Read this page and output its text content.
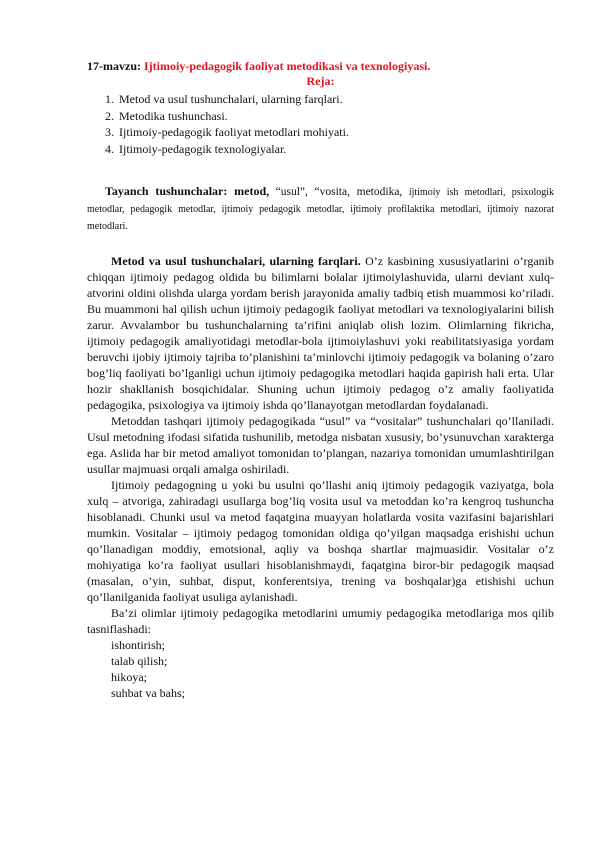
17-mavzu: Ijtimoiy-pedagogik faoliyat metodikasi va texnologiyasi.

Reja:

1. Metod va usul tushunchalari, ularning farqlari.
2. Metodika tushunchasi.
3. Ijtimoiy-pedagogik faoliyat metodlari mohiyati.
4. Ijtimoiy-pedagogik texnologiyalar.

Tayanch tushunchalar: metod, “usul”, “vosita, metodika, ijtimoiy ish metodlari, psixologik metodlar, pedagogik metodlar, ijtimoiy pedagogik metodlar, ijtimoiy profilaktika metodlari, ijtimoiy nazorat metodlari.

Metod va usul tushunchalari, ularning farqlari. O’z kasbining xususiyatlarini o’rganib chiqqan ijtimoiy pedagog oldida bu bilimlarni bolalar ijtimoiylashuvida, ularni deviant xulq-atvorini oldini olishda ularga yordam berish jarayonida amaliy tadbiq etish muammosi ko’riladi. Bu muammoni hal qilish uchun ijtimoiy pedagogik faoliyat metodlari va texnologiyalarini bilish zarur. Avvalambor bu tushunchalarning ta’rifini aniqlab olish lozim. Olimlarning fikricha, ijtimoiy pedagogik amaliyotidagi metodlar-bola ijtimoiylashuvi yoki reabilitatsiyasiga yordam beruvchi ijobiy ijtimoiy tajriba to’planishini ta’minlovchi ijtimoiy pedagogik va bolaning o’zaro bog’liq faoliyati bo’lganligi uchun ijtimoiy pedagogika metodlari haqida gapirish hali erta. Ular hozir shakllanish bosqichidalar. Shuning uchun ijtimoiy pedagog o’z amaliy faoliyatida pedagogika, psixologiya va ijtimoiy ishda qo’llanayotgan metodlardan foydalanadi.

Metoddan tashqari ijtimoiy pedagogikada “usul” va “vositalar” tushunchalari qo’llaniladi. Usul metodning ifodasi sifatida tushunilib, metodga nisbatan xususiy, bo’ysunuvchan xarakterga ega. Aslida har bir metod amaliyot tomonidan to’plangan, nazariya tomonidan umumlashtirilgan usullar majmuasi orqali amalga oshiriladi.

Ijtimoiy pedagogning u yoki bu usulni qo’llashi aniq ijtimoiy pedagogik vaziyatga, bola xulq – atvoriga, zahiradagi usullarga bog’liq vosita usul va metoddan ko’ra kengroq tushuncha hisoblanadi. Chunki usul va metod faqatgina muayyan holatlarda vosita vazifasini bajarishlari mumkin. Vositalar – ijtimoiy pedagog tomonidan oldiga qo’yilgan maqsadga erishishi uchun qo’llanadigan moddiy, emotsional, aqliy va boshqa shartlar majmuasidir. Vositalar o’z mohiyatiga ko’ra faoliyat usullari hisoblanishmaydi, faqatgina biror-bir pedagogik maqsad (masalan, o’yin, suhbat, disput, konferentsiya, trening va boshqalar)ga etishishi uchun qo’llanilganida faoliyat usuliga aylanishadi.

Ba’zi olimlar ijtimoiy pedagogika metodlarini umumiy pedagogika metodlariga mos qilib tasniflashadi:

ishontirish;
talab qilish;
hikoya;
suhbat va bahs;
